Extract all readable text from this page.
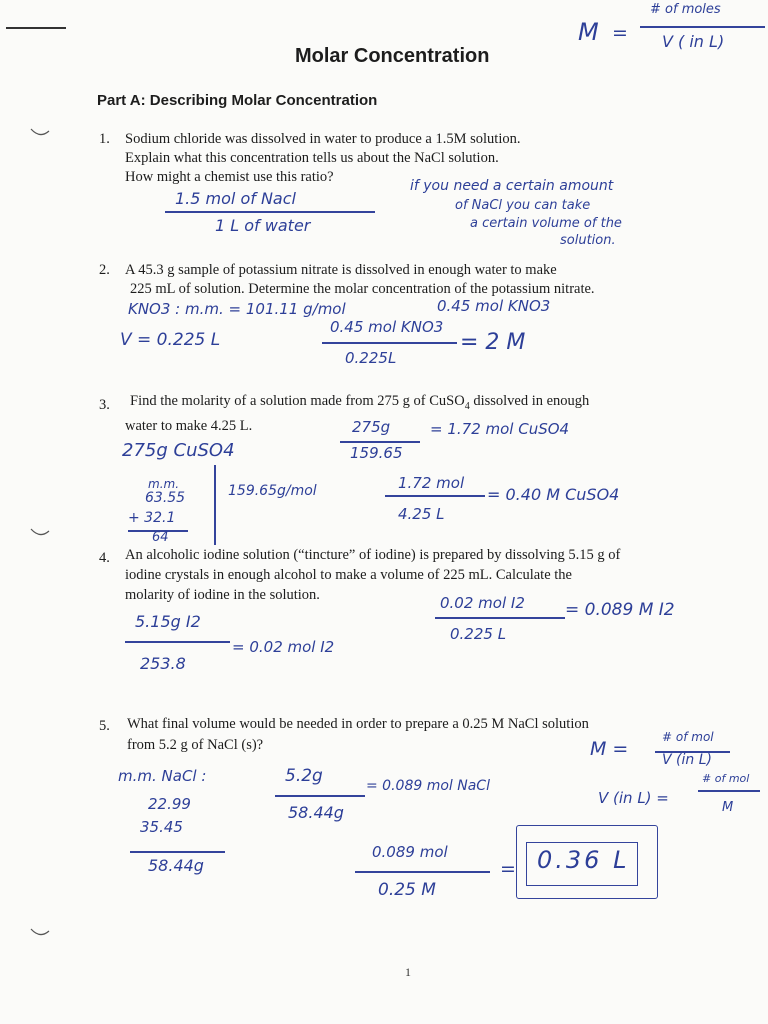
M =
# of moles
V ( in L)
Molar Concentration
Part A: Describing Molar Concentration
1. Sodium chloride was dissolved in water to produce a 1.5M solution.
Explain what this concentration tells us about the NaCl solution.
How might a chemist use this ratio?
1.5 mol of Nacl
1 L of water
if you need a certain amount
of NaCl you can take
a certain volume of the
solution.
2. A 45.3 g sample of potassium nitrate is dissolved in enough water to make
225 mL of solution. Determine the molar concentration of the potassium nitrate.
KNO3 : m.m. = 101.11 g/mol	0.45 mol KNO3
V = 0.225 L
0.45 mol KNO3
0.225L
= 2 M
3. Find the molarity of a solution made from 275 g of CuSO$_4$ dissolved in enough
water to make 4.25 L.	275g
159.65
= 1.72 mol CuSO4
275g CuSO4
m.m.
63.55
+ 32.1
64
159.65g/mol	1.72 mol
4.25 L
= 0.40 M CuSO4
4. An alcoholic iodine solution (“tincture” of iodine) is prepared by dissolving 5.15 g of
iodine crystals in enough alcohol to make a volume of 225 mL. Calculate the
molarity of iodine in the solution.
5.15g I2
253.8
= 0.02 mol I2
0.02 mol I2
0.225 L
= 0.089 M I2
5. What final volume would be needed in order to prepare a 0.25 M NaCl solution
from 5.2 g of NaCl (s)?	M =
# of mol
V (in L)
V (in L) =
# of mol
M
m.m. NaCl :
22.99
35.45
58.44g
5.2g
58.44g
= 0.089 mol NaCl
0.089 mol
0.25 M
= 0.36 L
1
